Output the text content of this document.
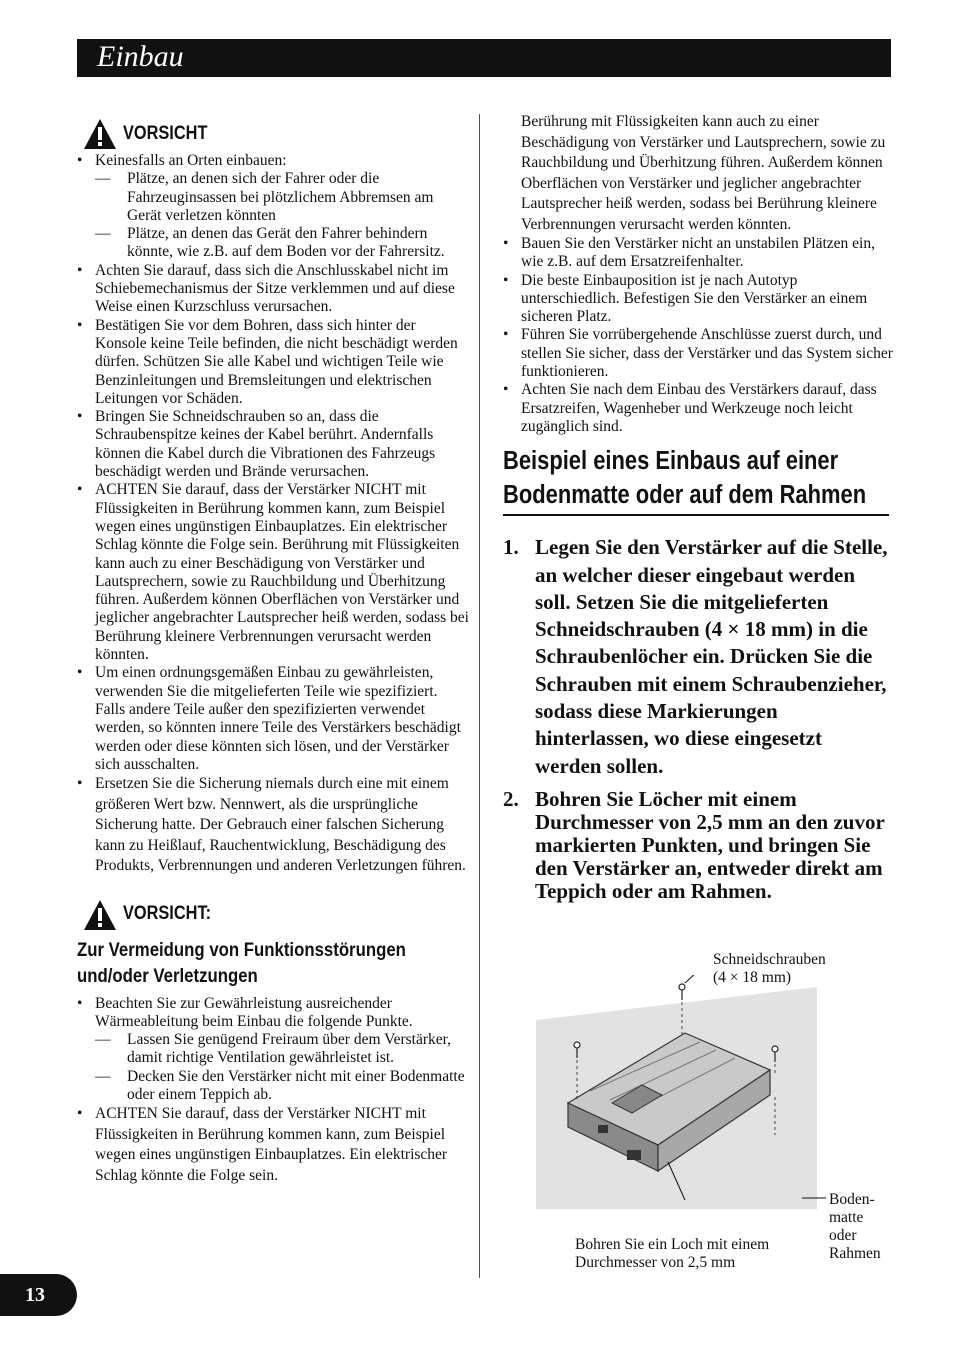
Einbau
VORSICHT
• Keinesfalls an Orten einbauen:
— Plätze, an denen sich der Fahrer oder die Fahrzeuginsassen bei plötzlichem Abbremsen am Gerät verletzen könnten
— Plätze, an denen das Gerät den Fahrer behindern könnte, wie z.B. auf dem Boden vor der Fahrersitz.
• Achten Sie darauf, dass sich die Anschlusskabel nicht im Schiebemechanismus der Sitze verklemmen und auf diese Weise einen Kurzschluss verursachen.
• Bestätigen Sie vor dem Bohren, dass sich hinter der Konsole keine Teile befinden, die nicht beschädigt werden dürfen. Schützen Sie alle Kabel und wichtigen Teile wie Benzinleitungen und Bremsleitungen und elektrischen Leitungen vor Schäden.
• Bringen Sie Schneidschrauben so an, dass die Schraubenspitze keines der Kabel berührt. Andernfalls können die Kabel durch die Vibrationen des Fahrzeugs beschädigt werden und Brände verursachen.
• ACHTEN Sie darauf, dass der Verstärker NICHT mit Flüssigkeiten in Berührung kommen kann, zum Beispiel wegen eines ungünstigen Einbauplatzes. Ein elektrischer Schlag könnte die Folge sein. Berührung mit Flüssigkeiten kann auch zu einer Beschädigung von Verstärker und Lautsprechern, sowie zu Rauchbildung und Überhitzung führen. Außerdem können Oberflächen von Verstärker und jeglicher angebrachter Lautsprecher heiß werden, sodass bei Berührung kleinere Verbrennungen verursacht werden könnten.
• Um einen ordnungsgemäßen Einbau zu gewährleisten, verwenden Sie die mitgelieferten Teile wie spezifiziert. Falls andere Teile außer den spezifizierten verwendet werden, so könnten innere Teile des Verstärkers beschädigt werden oder diese könnten sich lösen, und der Verstärker sich ausschalten.
• Ersetzen Sie die Sicherung niemals durch eine mit einem größeren Wert bzw. Nennwert, als die ursprüngliche Sicherung hatte. Der Gebrauch einer falschen Sicherung kann zu Heißlauf, Rauchentwicklung, Beschädigung des Produkts, Verbrennungen und anderen Verletzungen führen.
VORSICHT:
Zur Vermeidung von Funktionsstörungen und/oder Verletzungen
• Beachten Sie zur Gewährleistung ausreichender Wärmeableitung beim Einbau die folgende Punkte.
— Lassen Sie genügend Freiraum über dem Verstärker, damit richtige Ventilation gewährleistet ist.
— Decken Sie den Verstärker nicht mit einer Bodenmatte oder einem Teppich ab.
• ACHTEN Sie darauf, dass der Verstärker NICHT mit Flüssigkeiten in Berührung kommen kann, zum Beispiel wegen eines ungünstigen Einbauplatzes. Ein elektrischer Schlag könnte die Folge sein.
Berührung mit Flüssigkeiten kann auch zu einer Beschädigung von Verstärker und Lautsprechern, sowie zu Rauchbildung und Überhitzung führen. Außerdem können Oberflächen von Verstärker und jeglicher angebrachter Lautsprecher heiß werden, sodass bei Berührung kleinere Verbrennungen verursacht werden könnten.
• Bauen Sie den Verstärker nicht an unstabilen Plätzen ein, wie z.B. auf dem Ersatzreifenhalter.
• Die beste Einbauposition ist je nach Autotyp unterschiedlich. Befestigen Sie den Verstärker an einem sicheren Platz.
• Führen Sie vorrübergehende Anschlüsse zuerst durch, und stellen Sie sicher, dass der Verstärker und das System sicher funktionieren.
• Achten Sie nach dem Einbau des Verstärkers darauf, dass Ersatzreifen, Wagenheber und Werkzeuge noch leicht zugänglich sind.
Beispiel eines Einbaus auf einer Bodenmatte oder auf dem Rahmen
1. Legen Sie den Verstärker auf die Stelle, an welcher dieser eingebaut werden soll. Setzen Sie die mitgelieferten Schneidschrauben (4 × 18 mm) in die Schraubenlöcher ein. Drücken Sie die Schrauben mit einem Schraubenzieher, sodass diese Markierungen hinterlassen, wo diese eingesetzt werden sollen.
2. Bohren Sie Löcher mit einem Durchmesser von 2,5 mm an den zuvor markierten Punkten, und bringen Sie den Verstärker an, entweder direkt am Teppich oder am Rahmen.
Schneidschrauben
(4 × 18 mm)
Bohren Sie ein Loch mit einem
Durchmesser von 2,5 mm
Boden-
matte
oder
Rahmen
13
